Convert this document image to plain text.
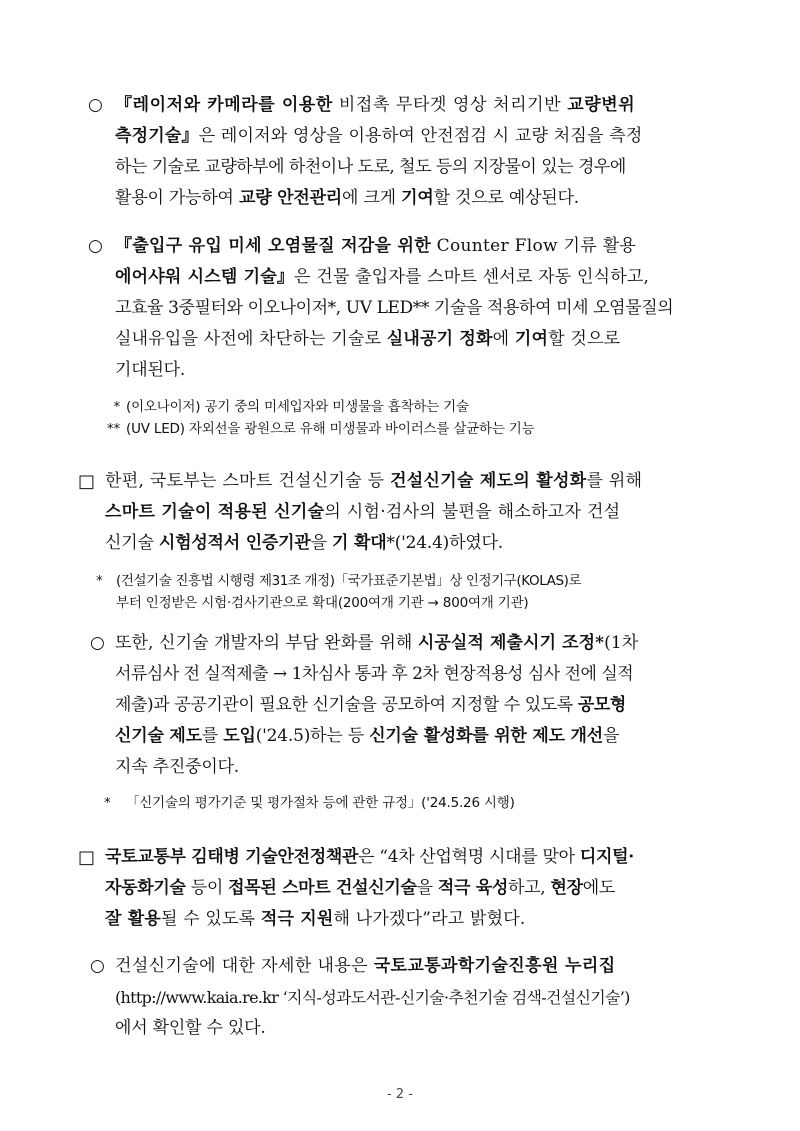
○ 『레이저와 카메라를 이용한 비접촉 무타겟 영상 처리기반 교량변위
측정기술』은 레이저와 영상을 이용하여 안전점검 시 교량 처짐을 측정
하는 기술로 교량하부에 하천이나 도로, 철도 등의 지장물이 있는 경우에
활용이 가능하여 교량 안전관리에 크게 기여할 것으로 예상된다.
○ 『출입구 유입 미세 오염물질 저감을 위한 Counter Flow 기류 활용
에어샤워 시스템 기술』은 건물 출입자를 스마트 센서로 자동 인식하고,
고효율 3중필터와 이오나이저*, UV LED** 기술을 적용하여 미세 오염물질의
실내유입을 사전에 차단하는 기술로 실내공기 정화에 기여할 것으로
기대된다.
* (이오나이저) 공기 중의 미세입자와 미생물을 흡착하는 기술
** (UV LED) 자외선을 광원으로 유해 미생물과 바이러스를 살균하는 기능
□ 한편, 국토부는 스마트 건설신기술 등 건설신기술 제도의 활성화를 위해
스마트 기술이 적용된 신기술의 시험·검사의 불편을 해소하고자 건설
신기술 시험성적서 인증기관을 기 확대*('24.4)하였다.
* (건설기술 진흥법 시행령 제31조 개정)「국가표준기본법」상 인정기구(KOLAS)로
부터 인정받은 시험·검사기관으로 확대(200여개 기관 → 800여개 기관)
○ 또한, 신기술 개발자의 부담 완화를 위해 시공실적 제출시기 조정*(1차
서류심사 전 실적제출 → 1차심사 통과 후 2차 현장적용성 심사 전에 실적
제출)과 공공기관이 필요한 신기술을 공모하여 지정할 수 있도록 공모형
신기술 제도를 도입('24.5)하는 등 신기술 활성화를 위한 제도 개선을
지속 추진중이다.
* 「신기술의 평가기준 및 평가절차 등에 관한 규정」('24.5.26 시행)
□ 국토교통부 김태병 기술안전정책관은 “4차 산업혁명 시대를 맞아 디지털·
자동화기술 등이 접목된 스마트 건설신기술을 적극 육성하고, 현장에도
잘 활용될 수 있도록 적극 지원해 나가겠다”라고 밝혔다.
○ 건설신기술에 대한 자세한 내용은 국토교통과학기술진흥원 누리집
(http://www.kaia.re.kr ‘지식-성과도서관-신기술·추천기술 검색-건설신기술’)
에서 확인할 수 있다.
- 2 -
